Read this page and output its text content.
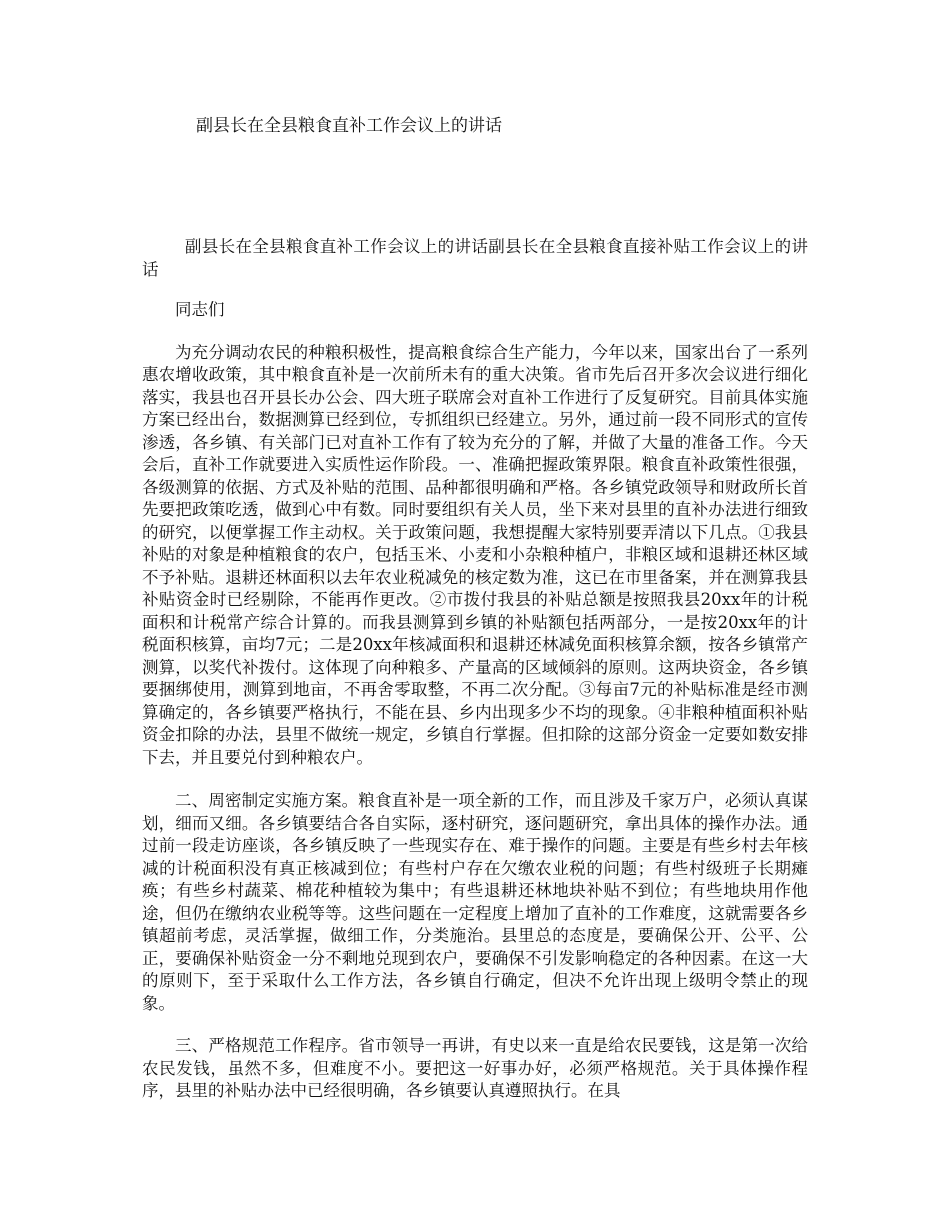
副县长在全县粮食直补工作会议上的讲话

副县长在全县粮食直补工作会议上的讲话副县长在全县粮食直接补贴工作会议上的讲话

同志们

为充分调动农民的种粮积极性，提高粮食综合生产能力，今年以来，国家出台了一系列惠农增收政策，其中粮食直补是一次前所未有的重大决策。省市先后召开多次会议进行细化落实，我县也召开县长办公会、四大班子联席会对直补工作进行了反复研究。目前具体实施方案已经出台，数据测算已经到位，专抓组织已经建立。另外，通过前一段不同形式的宣传渗透，各乡镇、有关部门已对直补工作有了较为充分的了解，并做了大量的准备工作。今天会后，直补工作就要进入实质性运作阶段。一、准确把握政策界限。粮食直补政策性很强，各级测算的依据、方式及补贴的范围、品种都很明确和严格。各乡镇党政领导和财政所长首先要把政策吃透，做到心中有数。同时要组织有关人员，坐下来对县里的直补办法进行细致的研究，以便掌握工作主动权。关于政策问题，我想提醒大家特别要弄清以下几点。①我县补贴的对象是种植粮食的农户，包括玉米、小麦和小杂粮种植户，非粮区域和退耕还林区域不予补贴。退耕还林面积以去年农业税减免的核定数为准，这已在市里备案，并在测算我县补贴资金时已经剔除，不能再作更改。②市拨付我县的补贴总额是按照我县20xx年的计税面积和计税常产综合计算的。而我县测算到乡镇的补贴额包括两部分，一是按20xx年的计税面积核算，亩均7元；二是20xx年核减面积和退耕还林减免面积核算余额，按各乡镇常产测算，以奖代补拨付。这体现了向种粮多、产量高的区域倾斜的原则。这两块资金，各乡镇要捆绑使用，测算到地亩，不再舍零取整，不再二次分配。③每亩7元的补贴标准是经市测算确定的，各乡镇要严格执行，不能在县、乡内出现多少不均的现象。④非粮种植面积补贴资金扣除的办法，县里不做统一规定，乡镇自行掌握。但扣除的这部分资金一定要如数安排下去，并且要兑付到种粮农户。

二、周密制定实施方案。粮食直补是一项全新的工作，而且涉及千家万户，必须认真谋划，细而又细。各乡镇要结合各自实际，逐村研究，逐问题研究，拿出具体的操作办法。通过前一段走访座谈，各乡镇反映了一些现实存在、难于操作的问题。主要是有些乡村去年核减的计税面积没有真正核减到位；有些村户存在欠缴农业税的问题；有些村级班子长期瘫痪；有些乡村蔬菜、棉花种植较为集中；有些退耕还林地块补贴不到位；有些地块用作他途，但仍在缴纳农业税等等。这些问题在一定程度上增加了直补的工作难度，这就需要各乡镇超前考虑，灵活掌握，做细工作，分类施治。县里总的态度是，要确保公开、公平、公正，要确保补贴资金一分不剩地兑现到农户，要确保不引发影响稳定的各种因素。在这一大的原则下，至于采取什么工作方法，各乡镇自行确定，但决不允许出现上级明令禁止的现象。

三、严格规范工作程序。省市领导一再讲，有史以来一直是给农民要钱，这是第一次给农民发钱，虽然不多，但难度不小。要把这一好事办好，必须严格规范。关于具体操作程序，县里的补贴办法中已经很明确，各乡镇要认真遵照执行。在具
